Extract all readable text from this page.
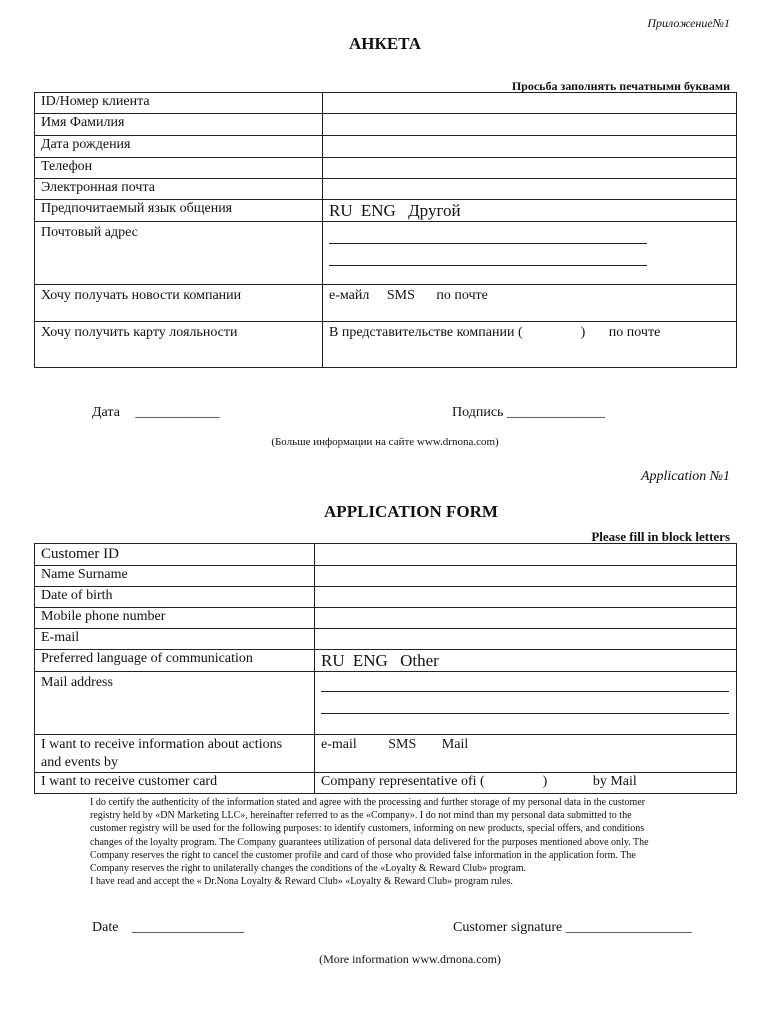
Приложение№1
АНКЕТА
Просьба заполнять печатными буквами
ID/Номер клиента	
Имя Фамилия	
Дата рождения	
Телефон	
Электронная почта	
Предпочитаемый язык общения	RU ENG Другой
Почтовый адрес	

Хочу получать новости компании	е-майл SMS по почте
Хочу получить карту лояльности	В представительстве компании ( ) по почте
Дата ____________	Подпись ______________
(Больше информации на сайте www.drnona.com)
Application №1
APPLICATION FORM
Please fill in block letters
Customer ID	
Name Surname	
Date of birth	
Mobile phone number	
E-mail	
Preferred language of communication	RU ENG Other
Mail address	

I want to receive information about actions
and events by	e-mail SMS Mail
I want to receive customer card	Company representative ofi ( ) by Mail
I do certify the authenticity of the information stated and agree with the processing and further storage of my personal data in the customer
registry held by «DN Marketing LLC», hereinafter referred to as the «Company». I do not mind than my personal data submitted to the
customer registry will be used for the following purposes: to identify customers, informing on new products, special offers, and conditions
changes of the loyalty program. The Company guarantees utilization of personal data delivered for the purposes mentioned above only. The
Company reserves the right to cancel the customer profile and card of those who provided false information in the application form. The
Company reserves the right to unilaterally changes the conditions of the «Loyalty & Reward Club» program.
I have read and accept the « Dr.Nona Loyalty & Reward Club» «Loyalty & Reward Club» program rules.
Date ________________	Customer signature __________________
(More information www.drnona.com)
